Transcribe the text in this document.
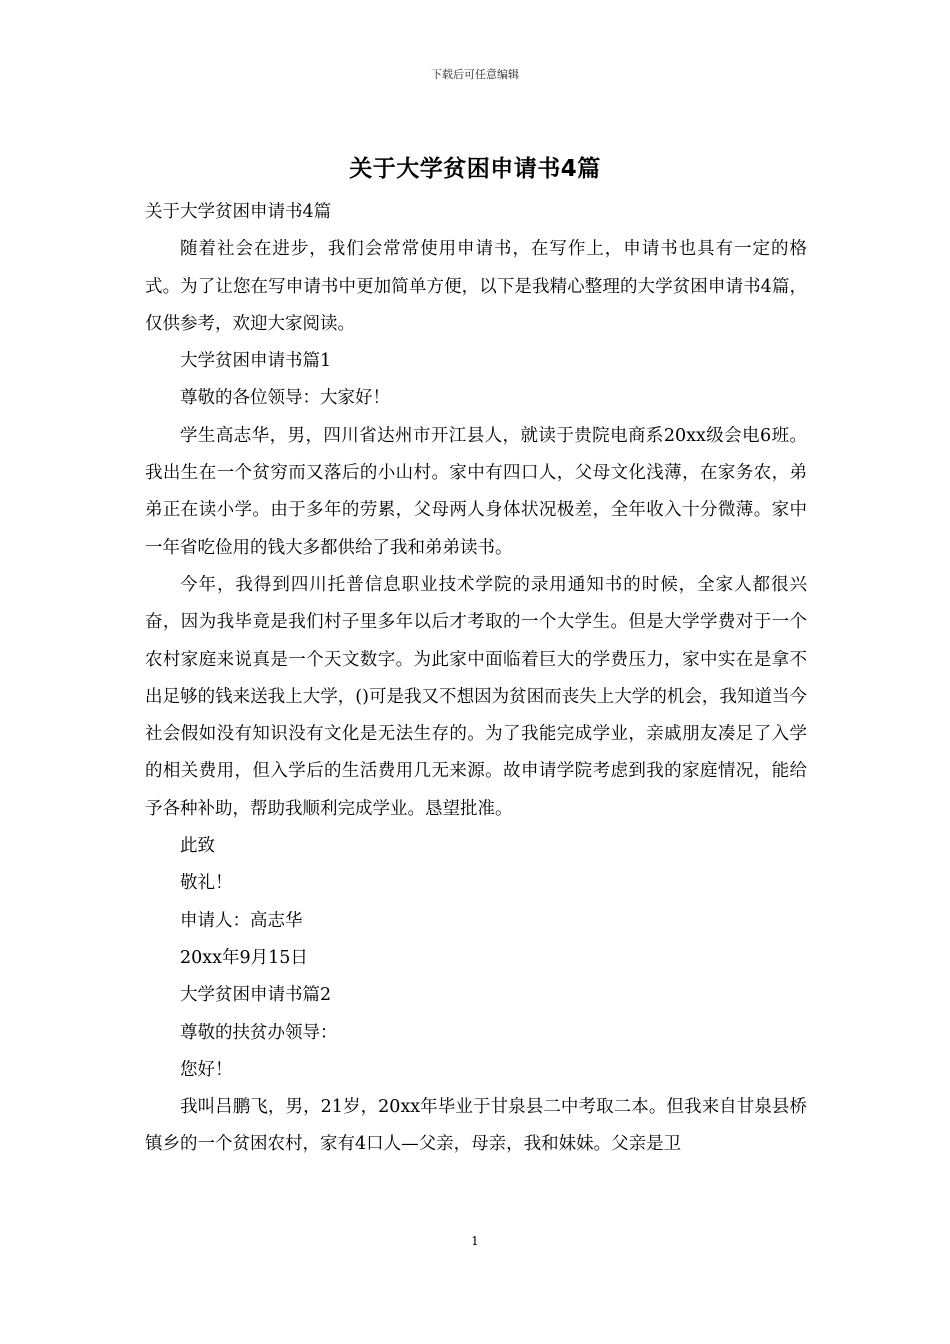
下载后可任意编辑
关于大学贫困申请书4篇

关于大学贫困申请书4篇

随着社会在进步，我们会常常使用申请书，在写作上，申请书也具有一定的格式。为了让您在写申请书中更加简单方便，以下是我精心整理的大学贫困申请书4篇，仅供参考，欢迎大家阅读。

大学贫困申请书篇1

尊敬的各位领导：大家好！

学生高志华，男，四川省达州市开江县人，就读于贵院电商系20xx级会电6班。我出生在一个贫穷而又落后的小山村。家中有四口人，父母文化浅薄，在家务农，弟弟正在读小学。由于多年的劳累，父母两人身体状况极差，全年收入十分微薄。家中一年省吃俭用的钱大多都供给了我和弟弟读书。

今年，我得到四川托普信息职业技术学院的录用通知书的时候，全家人都很兴奋，因为我毕竟是我们村子里多年以后才考取的一个大学生。但是大学学费对于一个农村家庭来说真是一个天文数字。为此家中面临着巨大的学费压力，家中实在是拿不出足够的钱来送我上大学，()可是我又不想因为贫困而丧失上大学的机会，我知道当今社会假如没有知识没有文化是无法生存的。为了我能完成学业，亲戚朋友凑足了入学的相关费用，但入学后的生活费用几无来源。故申请学院考虑到我的家庭情况，能给予各种补助，帮助我顺利完成学业。恳望批准。

此致

敬礼！

申请人：高志华

20xx年9月15日

大学贫困申请书篇2

尊敬的扶贫办领导：

您好！

我叫吕鹏飞，男，21岁，20xx年毕业于甘泉县二中考取二本。但我来自甘泉县桥镇乡的一个贫困农村，家有4口人—父亲，母亲，我和妹妹。父亲是卫

1
